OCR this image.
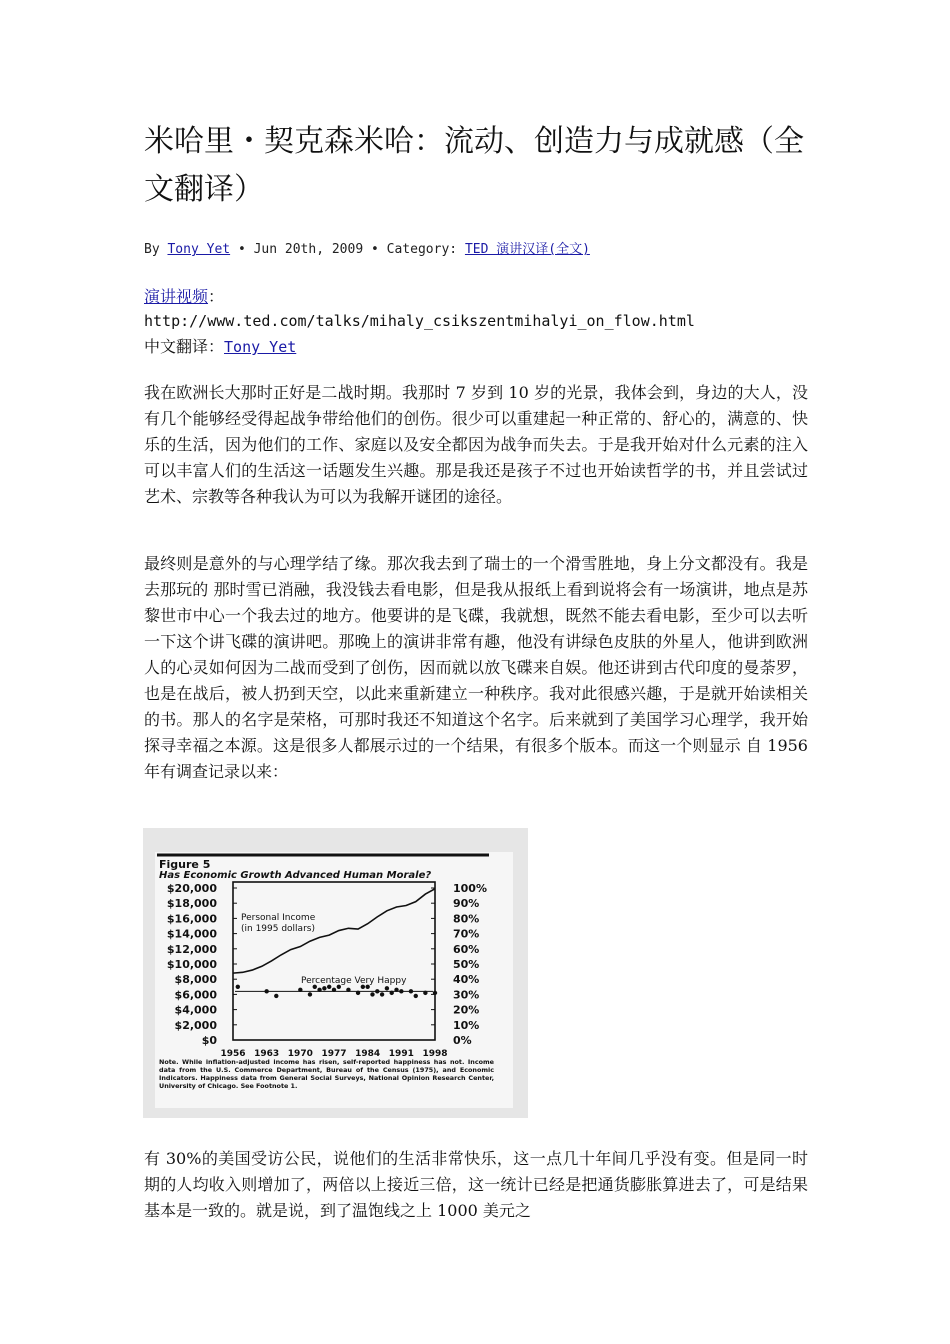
米哈里・契克森米哈：流动、创造力与成就感（全文翻译）
By Tony Yet • Jun 20th, 2009 • Category: TED 演讲汉译(全文)
演讲视频：
http://www.ted.com/talks/mihaly_csikszentmihalyi_on_flow.html
中文翻译：Tony Yet

我在欧洲长大那时正好是二战时期。我那时 7 岁到 10 岁的光景，我体会到，身边的大人，没有几个能够经受得起战争带给他们的创伤。很少可以重建起一种正常的、舒心的，满意的、快乐的生活，因为他们的工作、家庭以及安全都因为战争而失去。于是我开始对什么元素的注入可以丰富人们的生活这一话题发生兴趣。那是我还是孩子不过也开始读哲学的书，并且尝试过艺术、宗教等各种我认为可以为我解开谜团的途径。

最终则是意外的与心理学结了缘。那次我去到了瑞士的一个滑雪胜地，身上分文都没有。我是去那玩的 那时雪已消融，我没钱去看电影，但是我从报纸上看到说将会有一场演讲，地点是苏黎世市中心一个我去过的地方。他要讲的是飞碟，我就想，既然不能去看电影，至少可以去听一下这个讲飞碟的演讲吧。那晚上的演讲非常有趣，他没有讲绿色皮肤的外星人，他讲到欧洲人的心灵如何因为二战而受到了创伤，因而就以放飞碟来自娱。他还讲到古代印度的曼荼罗，也是在战后，被人扔到天空，以此来重新建立一种秩序。我对此很感兴趣，于是就开始读相关的书。那人的名字是荣格，可那时我还不知道这个名字。后来就到了美国学习心理学，我开始探寻幸福之本源。这是很多人都展示过的一个结果，有很多个版本。而这一个则显示 自 1956 年有调查记录以来：

Figure 5
Has Economic Growth Advanced Human Morale?
$20,000
$18,000
$16,000
$14,000
$12,000
$10,000
$8,000
$6,000
$4,000
$2,000
$0
100%
90%
80%
70%
60%
50%
40%
30%
20%
10%
0%
1956 1963 1970 1977 1984 1991 1998
Personal Income
(in 1995 dollars)
Percentage Very Happy
Note. While inflation-adjusted income has risen, self-reported happiness has not. Income data from the U.S. Commerce Department, Bureau of the Census (1975), and Economic Indicators. Happiness data from General Social Surveys, National Opinion Research Center, University of Chicago. See Footnote 1.

有 30%的美国受访公民，说他们的生活非常快乐，这一点几十年间几乎没有变。但是同一时期的人均收入则增加了，两倍以上接近三倍，这一统计已经是把通货膨胀算进去了，可是结果基本是一致的。就是说，到了温饱线之上 1000 美元之
